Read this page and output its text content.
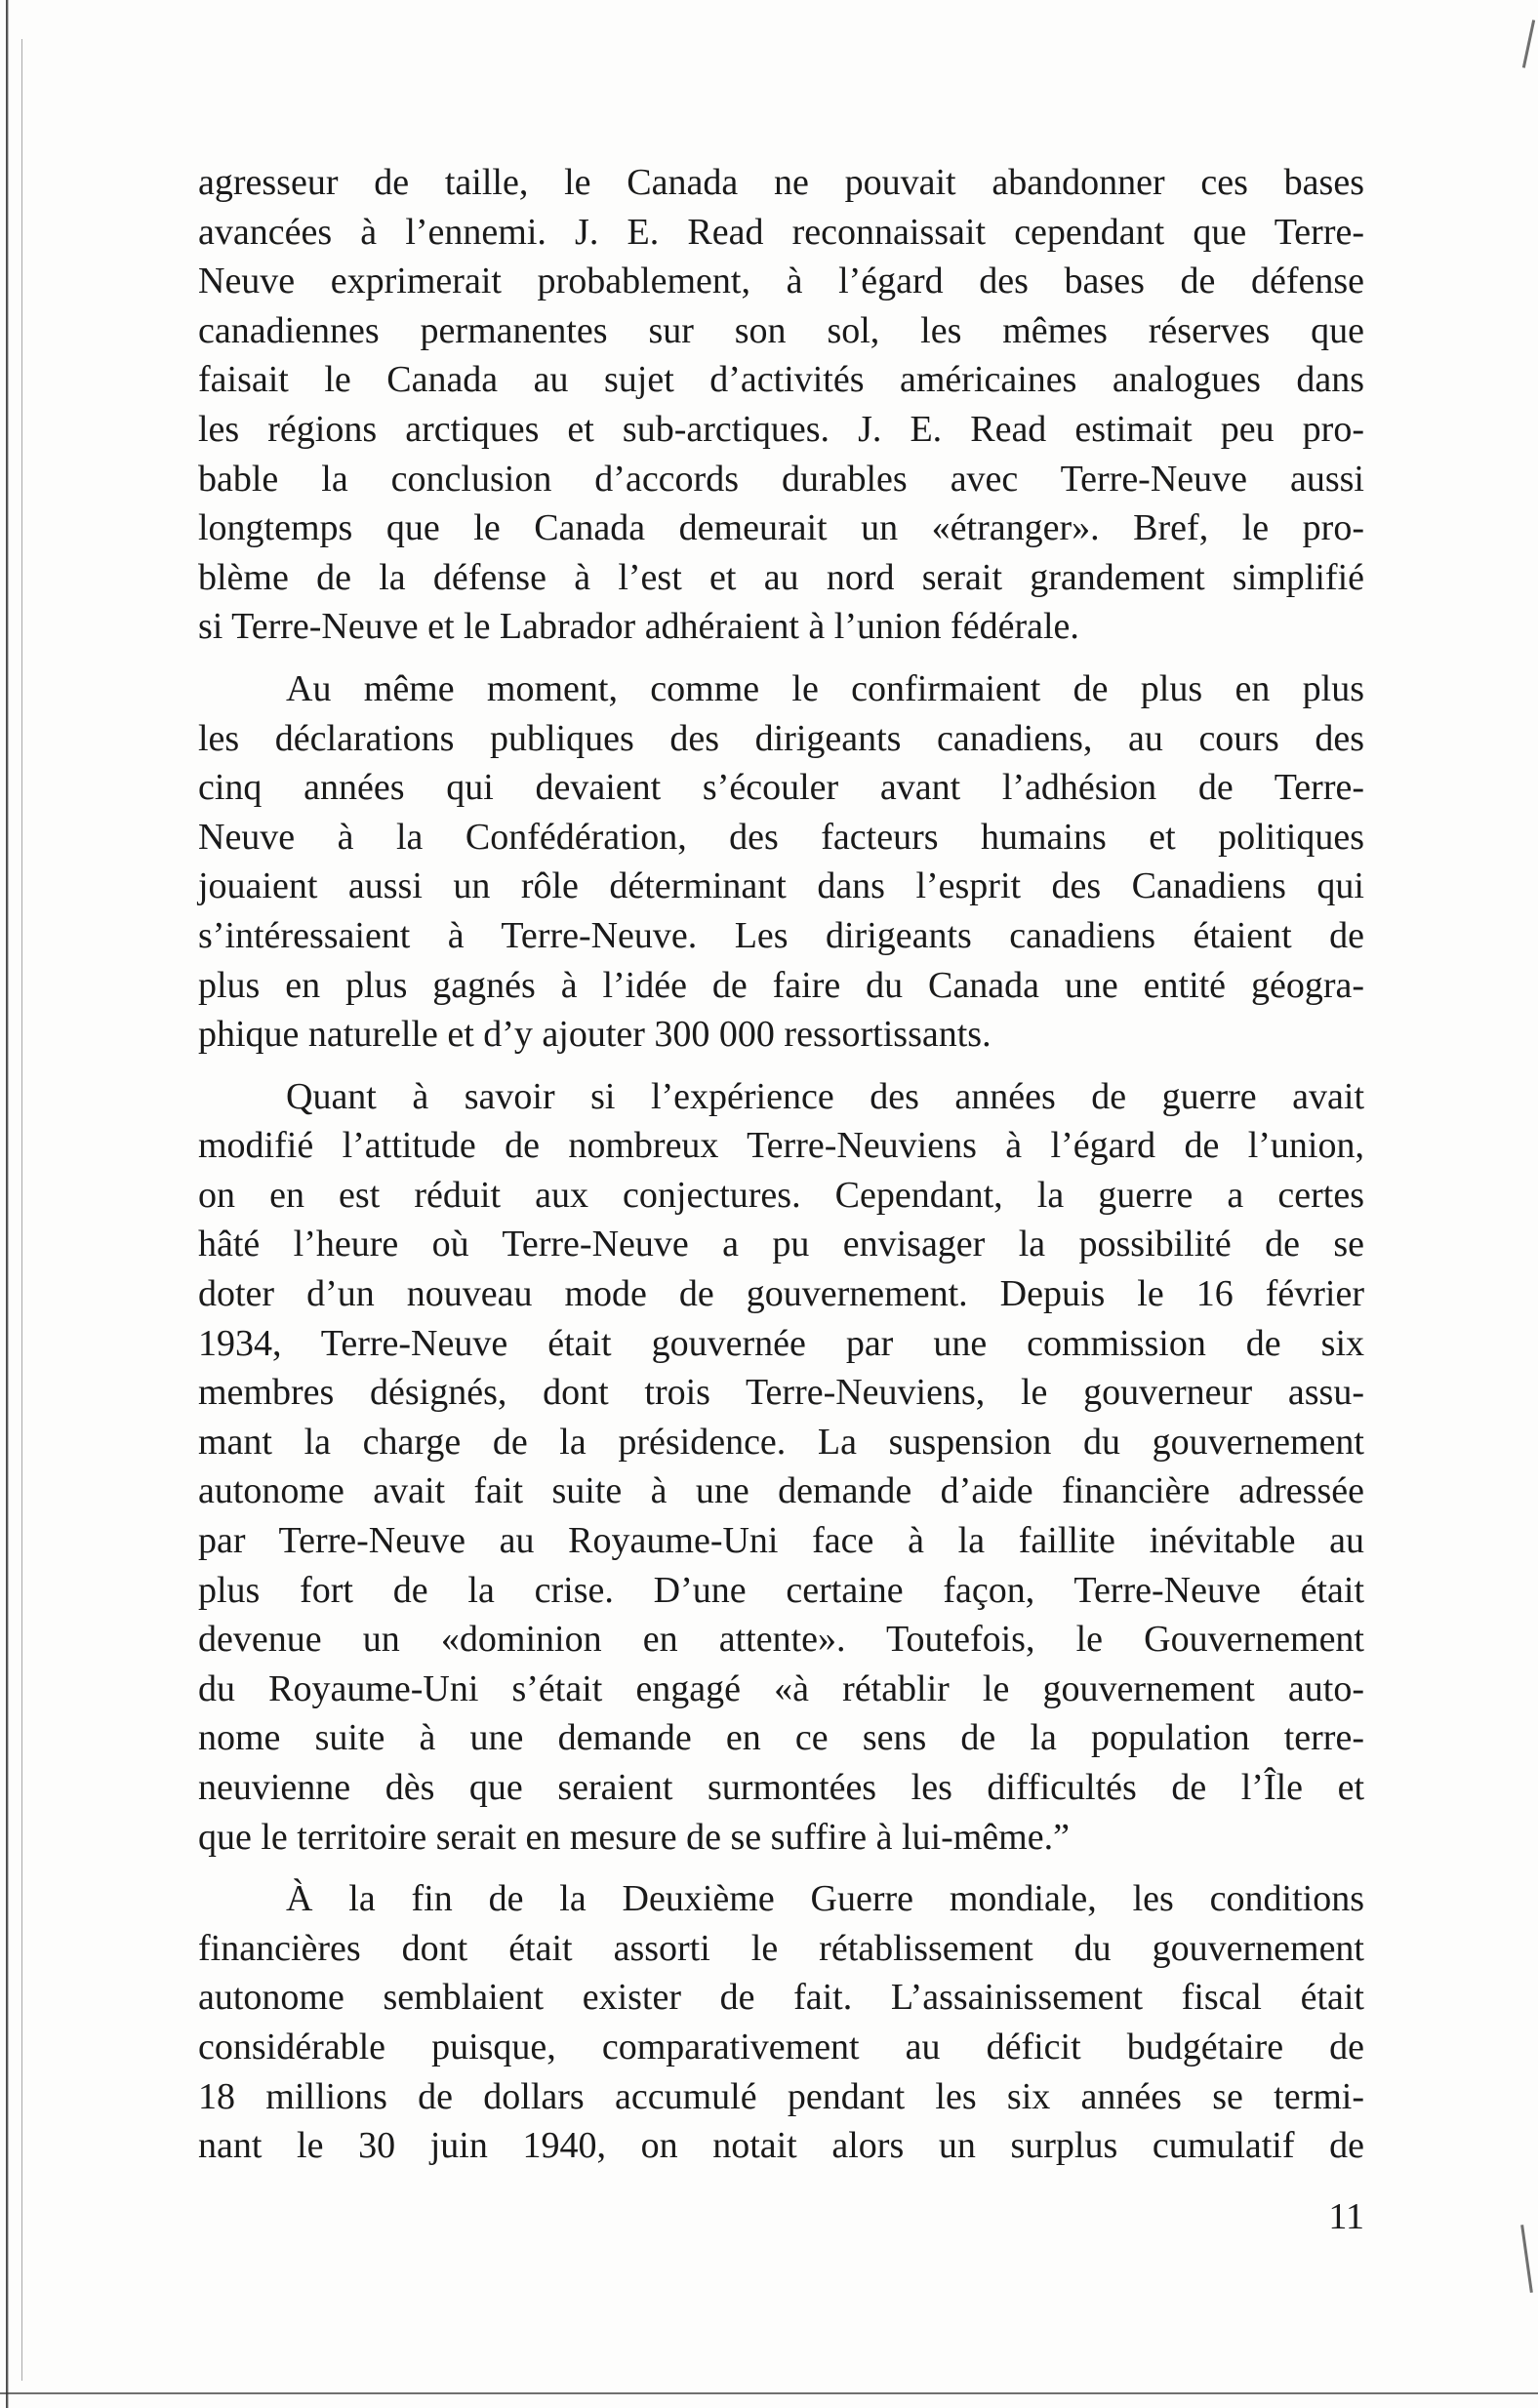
agresseur de taille, le Canada ne pouvait abandonner ces bases
avancées à l’ennemi. J. E. Read reconnaissait cependant que Terre-
Neuve exprimerait probablement, à l’égard des bases de défense
canadiennes permanentes sur son sol, les mêmes réserves que
faisait le Canada au sujet d’activités américaines analogues dans
les régions arctiques et sub-arctiques. J. E. Read estimait peu pro-
bable la conclusion d’accords durables avec Terre-Neuve aussi
longtemps que le Canada demeurait un «étranger». Bref, le pro-
blème de la défense à l’est et au nord serait grandement simplifié
si Terre-Neuve et le Labrador adhéraient à l’union fédérale.

Au même moment, comme le confirmaient de plus en plus
les déclarations publiques des dirigeants canadiens, au cours des
cinq années qui devaient s’écouler avant l’adhésion de Terre-
Neuve à la Confédération, des facteurs humains et politiques
jouaient aussi un rôle déterminant dans l’esprit des Canadiens qui
s’intéressaient à Terre-Neuve. Les dirigeants canadiens étaient de
plus en plus gagnés à l’idée de faire du Canada une entité géogra-
phique naturelle et d’y ajouter 300 000 ressortissants.

Quant à savoir si l’expérience des années de guerre avait
modifié l’attitude de nombreux Terre-Neuviens à l’égard de l’union,
on en est réduit aux conjectures. Cependant, la guerre a certes
hâté l’heure où Terre-Neuve a pu envisager la possibilité de se
doter d’un nouveau mode de gouvernement. Depuis le 16 février
1934, Terre-Neuve était gouvernée par une commission de six
membres désignés, dont trois Terre-Neuviens, le gouverneur assu-
mant la charge de la présidence. La suspension du gouvernement
autonome avait fait suite à une demande d’aide financière adressée
par Terre-Neuve au Royaume-Uni face à la faillite inévitable au
plus fort de la crise. D’une certaine façon, Terre-Neuve était
devenue un «dominion en attente». Toutefois, le Gouvernement
du Royaume-Uni s’était engagé «à rétablir le gouvernement auto-
nome suite à une demande en ce sens de la population terre-
neuvienne dès que seraient surmontées les difficultés de l’Île et
que le territoire serait en mesure de se suffire à lui-même.”

À la fin de la Deuxième Guerre mondiale, les conditions
financières dont était assorti le rétablissement du gouvernement
autonome semblaient exister de fait. L’assainissement fiscal était
considérable puisque, comparativement au déficit budgétaire de
18 millions de dollars accumulé pendant les six années se termi-
nant le 30 juin 1940, on notait alors un surplus cumulatif de

11
